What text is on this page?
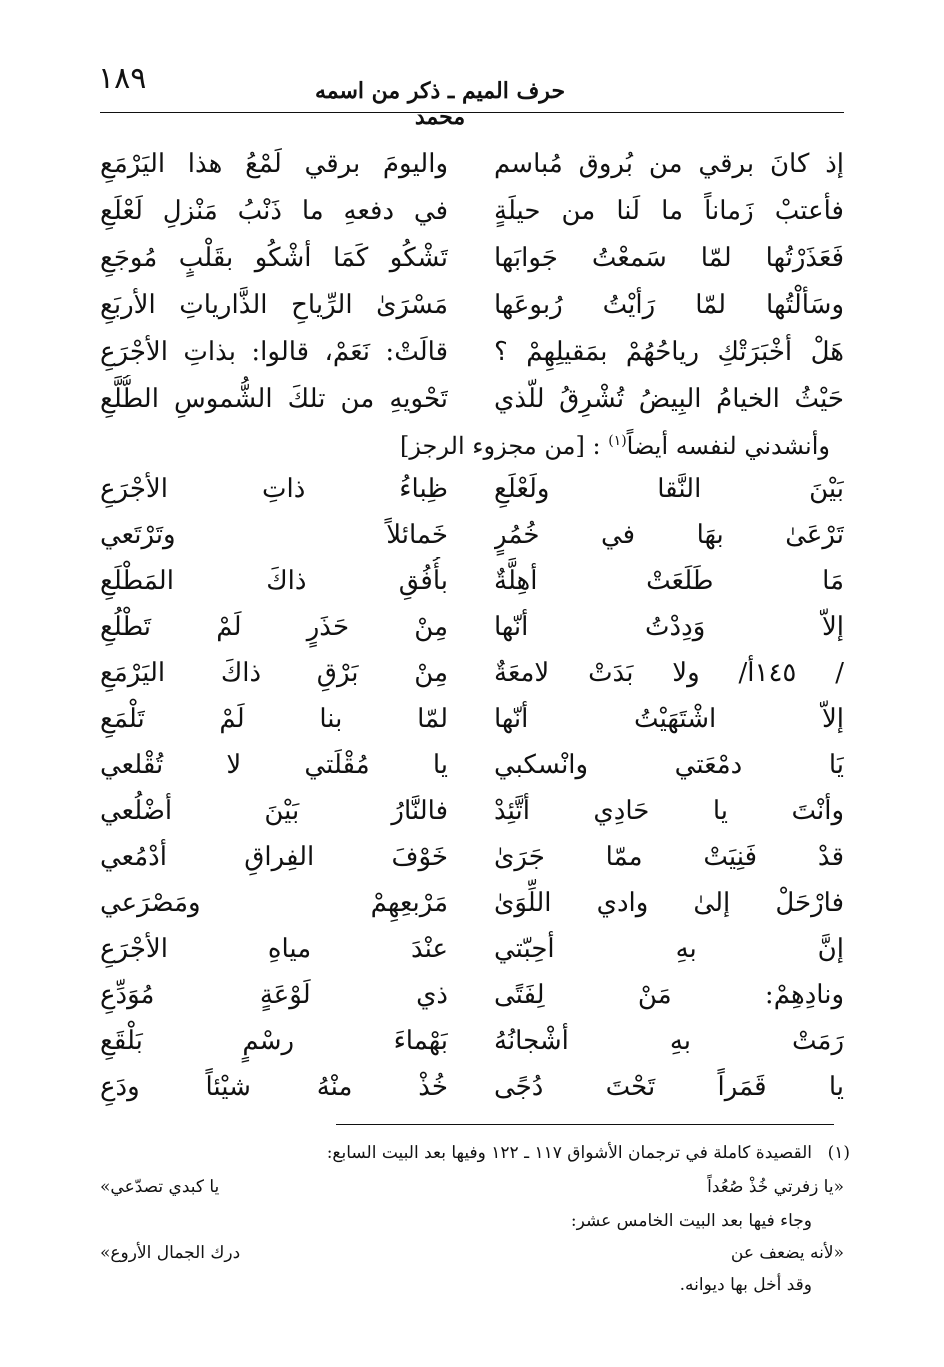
١٨٩	حرف الميم ـ ذكر من اسمه محمد
إذ كانَ برقي من بُروق مُباسم
واليومَ برقي لَمْعُ هذا اليَرْمَعِ
فأعتبْ زَماناً ما لَنا من حيلَةٍ
في دفعهِ ما ذَنْبُ مَنْزلِ لَعْلَعِ
فَعَذَرْتُها لمّا سَمعْتُ جَوابَها
تَشْكُو كَمَا أشْكُو بقَلْبٍ مُوجَعِ
وسَألْتُها لمّا رَأيْتُ رُبوعَها
مَسْرَىٰ الرِّياحِ الذَّارياتِ الأربَعِ
هَلْ أخْبَرَتْكِ رياحُهُمْ بمَقيلِهِمْ ؟
قالَتْ: نَعَمْ، قالوا: بذاتِ الأجْرَعِ
حَيْثُ الخيامُ البِيضُ تُشْرِقُ للّذي
تَحْويهِ من تلكَ الشُّموسِ الطُّلَّعِ
وأنشدني لنفسه أيضاً$^{(١)}$ : [من مجزوء الرجز]
بَيْنَ النَّقا ولَعْلَعِ
ظِباءُ ذاتِ الأجْرَعِ
تَرْعَىٰ بهَا في خُمُرٍ
خَمائلاً وتَرْتَعي
مَا طَلَعَتْ أهِلَّةٌ
بأُفُقِ ذاكَ المَطْلَعِ
إلاّ وَدِدْتُ أنّها
مِنْ حَذَرٍ لَمْ تَطْلُعِ
/ ١٤٥أ/ ولا بَدَتْ لامعَةٌ
مِنْ بَرْقِ ذاكَ اليَرْمَعِ
إلاّ اشْتَهَيْتُ أنّها
لمّا بنا لَمْ تَلْمَعِ
يَا دمْعَتي وانْسكبي
يا مُقْلَتي لا تُقْلعي
وأنْتَ يا حَادِي أتَّئِدْ
فالنَّارُ بَيْنَ أضْلُعي
قدْ فَنِيَتْ ممّا جَرَىٰ
خَوْفَ الفِراقِ أدْمُعي
فارْحَلْ إلىٰ وادي اللِّوَىٰ
مَرْبعِهِمْ ومَصْرَعي
إنَّ بهِ أحِبّتي
عنْدَ مياهِ الأجْرَعِ
ونادِهِمْ: مَنْ لِفَتًى
ذي لَوْعَةٍ مُوَدِّعِ
رَمَتْ بهِ أشْجانُهُ
بَهْماءَ رسْمٍ بَلْقَعِ
يا قَمَراً تَحْتَ دُجًى
خُذْ منْهُ شيْئاً ودَعِ
(١)
القصيدة كاملة في ترجمان الأشواق ١١٧ ـ ١٢٢ وفيها بعد البيت السابع:
«يا زفرتي خُذْ صُعُداً
يا كبدي تصدّعي»
وجاء فيها بعد البيت الخامس عشر:
«لأنه يضعف عن
درك الجمال الأروع»
وقد أخل بها ديوانه.
